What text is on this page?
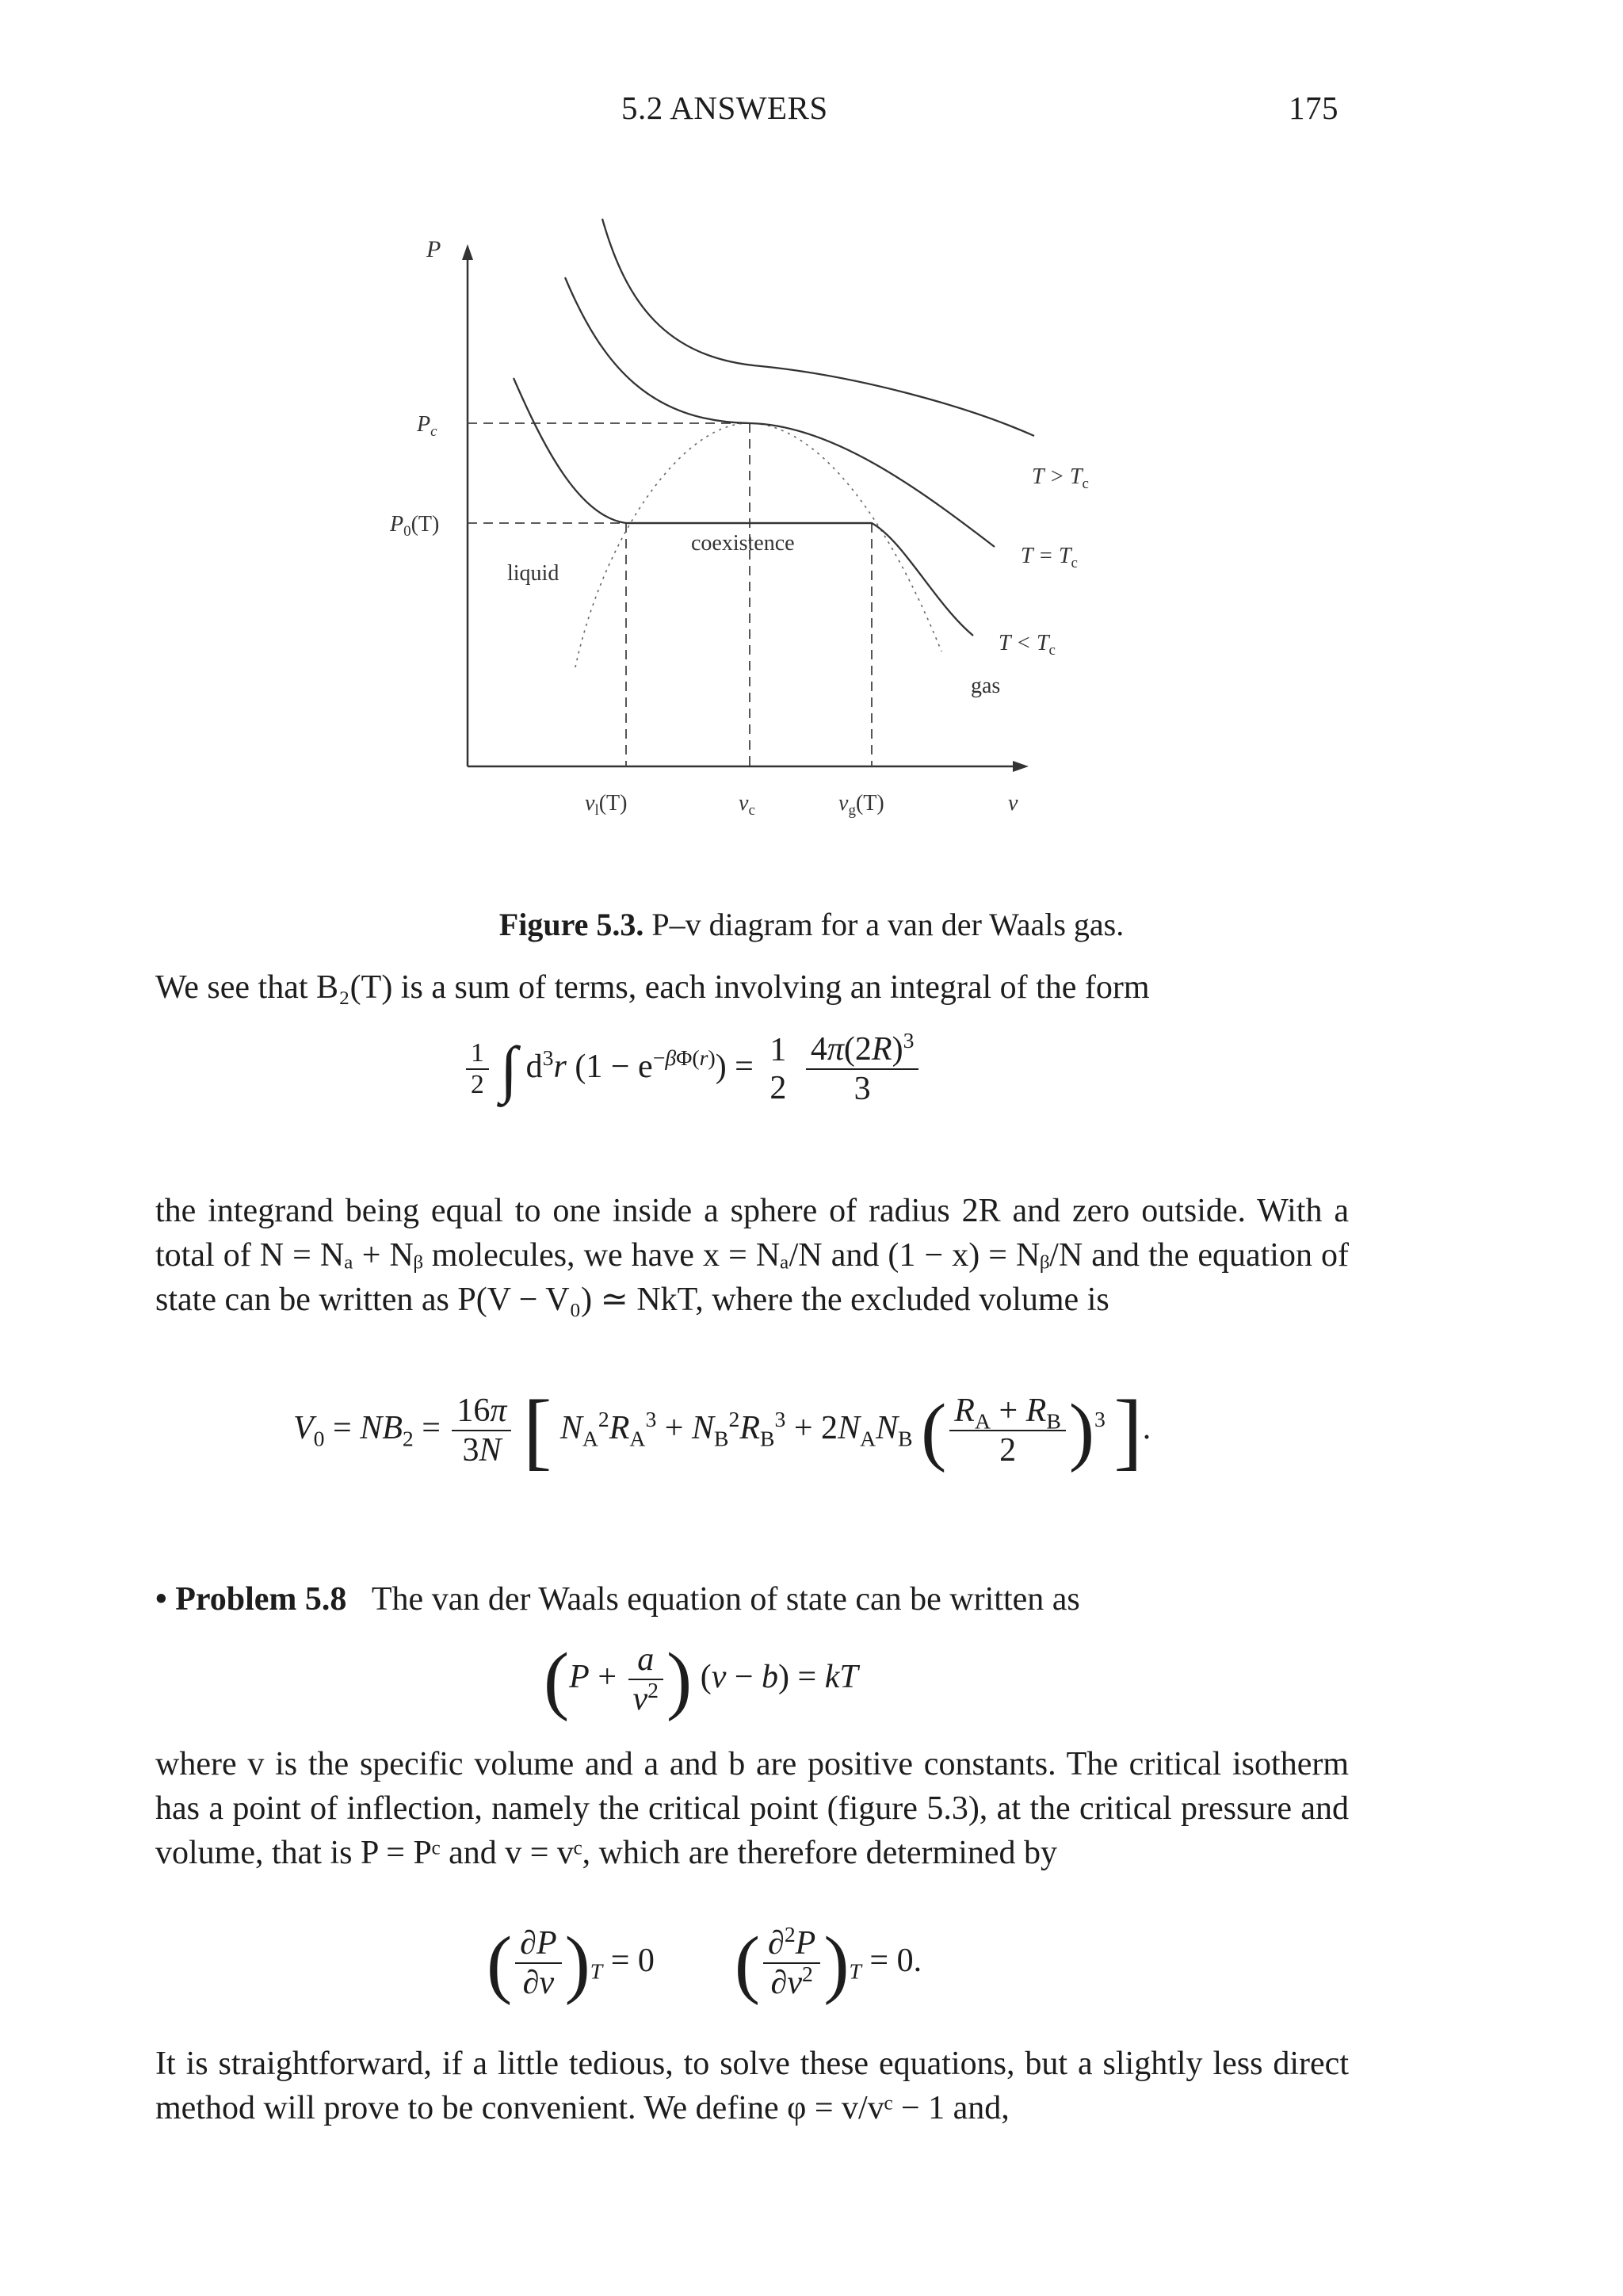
5.2 ANSWERS	175
P
$P_c$
$P_0(T)$
liquid
coexistence
gas
$T > T_c$
$T = T_c$
$T < T_c$
$v_l(T)$	$v_c$	$v_g(T)$	v
Figure 5.3. P–v diagram for a van der Waals gas.
We see that B₂(T) is a sum of terms, each involving an integral of the form
$\frac{1}{2}$ ∫ $d^3r$ $(1 - e^{-\beta\Phi(r)}) = 1$
2
$\frac{4\pi(2R)^3}{3}$
the integrand being equal to one inside a sphere of radius 2R and zero outside. With a total of N = Nₐ + Nᵦ molecules, we have x = Nₐ/N and (1 − x) = Nᵦ/N and the equation of state can be written as P(V − V₀) ≃ NkT, where the excluded volume is
$V_0 = NB_2 = \frac{16\pi}{3N}$ [ $N_A^2R_A^3 + N_B^2R_B^3 + 2N_AN_B$ ( $\frac{R_A + R_B}{2} )^3$ ].
• Problem 5.8 The van der Waals equation of state can be written as
($P + \frac{a}{v^2}$ ) (v − b) = kT
where v is the specific volume and a and b are positive constants. The critical isotherm has a point of inflection, namely the critical point (figure 5.3), at the critical pressure and volume, that is P = Pᶜ and v = vᶜ, which are therefore determined by
( $\frac{\partial P}{\partial v} )_T = 0$  ( $\frac{\partial^2P}{\partial v^2} )_T = 0$.
It is straightforward, if a little tedious, to solve these equations, but a slightly less direct method will prove to be convenient. We define φ = v/vᶜ − 1 and,
